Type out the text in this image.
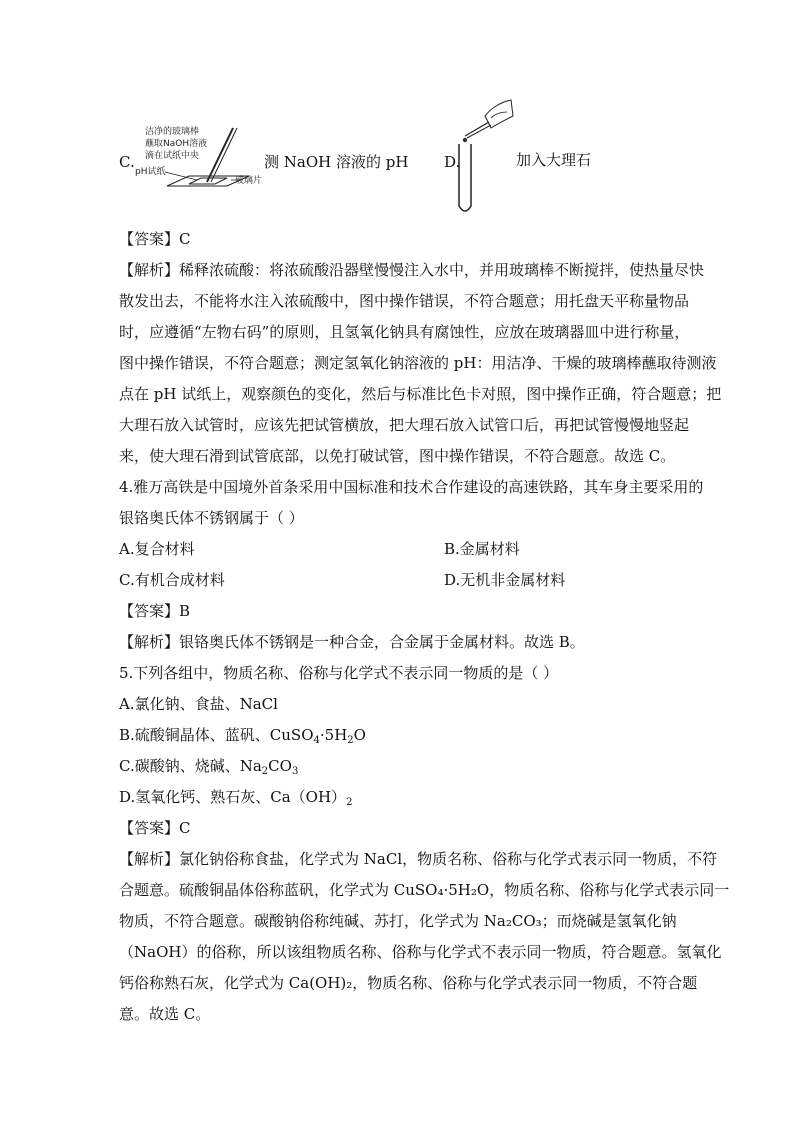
洁净的玻璃棒
蘸取NaOH溶液
滴在试纸中央
pH试纸
玻璃片
C.	测 NaOH 溶液的 pH D.	加入大理石
【答案】C
【解析】稀释浓硫酸：将浓硫酸沿器壁慢慢注入水中，并用玻璃棒不断搅拌，使热量尽快
散发出去，不能将水注入浓硫酸中，图中操作错误，不符合题意；用托盘天平称量物品
时，应遵循“左物右码”的原则，且氢氧化钠具有腐蚀性，应放在玻璃器皿中进行称量，
图中操作错误，不符合题意；测定氢氧化钠溶液的 pH：用洁净、干燥的玻璃棒蘸取待测液
点在 pH 试纸上，观察颜色的变化，然后与标准比色卡对照，图中操作正确，符合题意；把
大理石放入试管时，应该先把试管横放，把大理石放入试管口后，再把试管慢慢地竖起
来，使大理石滑到试管底部，以免打破试管，图中操作错误，不符合题意。故选 C。
4.雅万高铁是中国境外首条采用中国标准和技术合作建设的高速铁路，其车身主要采用的
银铬奥氏体不锈钢属于（ ）
A.复合材料	B.金属材料
C.有机合成材料	D.无机非金属材料
【答案】B
【解析】银铬奥氏体不锈钢是一种合金，合金属于金属材料。故选 B。
5.下列各组中，物质名称、俗称与化学式不表示同一物质的是（ ）
A.氯化钠、食盐、NaCl
B.硫酸铜晶体、蓝矾、$CuSO_4\cdot 5H_2O$
C.碳酸钠、烧碱、$Na_2CO_3$
D.氢氧化钙、熟石灰、$Ca(OH)_2$
【答案】C
【解析】氯化钠俗称食盐，化学式为 NaCl，物质名称、俗称与化学式表示同一物质，不符
合题意。硫酸铜晶体俗称蓝矾，化学式为 CuSO₄·5H₂O，物质名称、俗称与化学式表示同一
物质，不符合题意。碳酸钠俗称纯碱、苏打，化学式为 Na₂CO₃；而烧碱是氢氧化钠
（NaOH）的俗称，所以该组物质名称、俗称与化学式不表示同一物质，符合题意。氢氧化
钙俗称熟石灰，化学式为 Ca(OH)₂，物质名称、俗称与化学式表示同一物质，不符合题
意。故选 C。
